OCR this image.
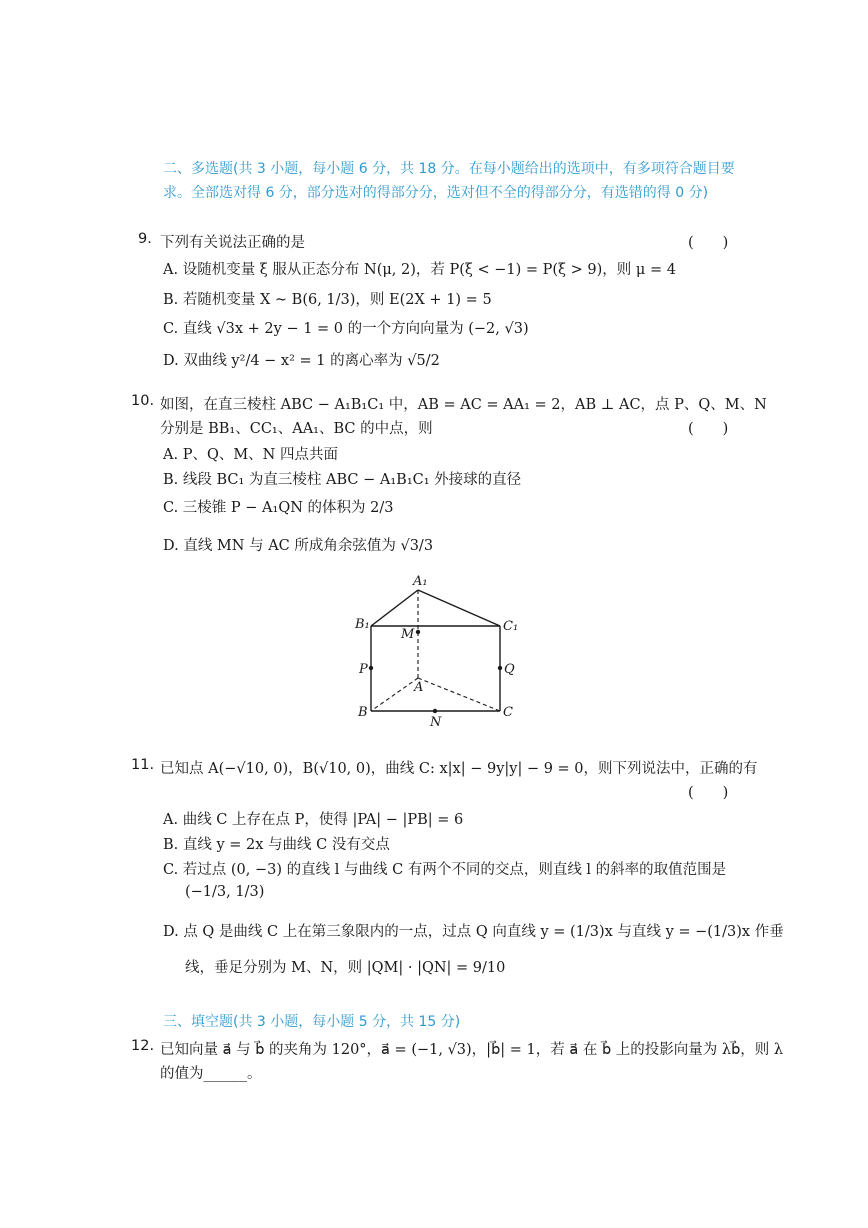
二、多选题(共 3 小题，每小题 6 分，共 18 分。在每小题给出的选项中，有多项符合题目要
求。全部选对得 6 分，部分选对的得部分分，选对但不全的得部分分，有选错的得 0 分)
9. 下列有关说法正确的是	(　　)
A. 设随机变量 ξ 服从正态分布 N(μ, 2)，若 P(ξ < −1) = P(ξ > 9)，则 μ = 4
B. 若随机变量 X ~ B(6, 1/3)，则 E(2X + 1) = 5
C. 直线 √3x + 2y − 1 = 0 的一个方向向量为 (−2, √3)
D. 双曲线 y²/4 − x² = 1 的离心率为 √5/2
10. 如图，在直三棱柱 ABC − A₁B₁C₁ 中，AB = AC = AA₁ = 2，AB ⊥ AC，点 P、Q、M、N
分别是 BB₁、CC₁、AA₁、BC 的中点，则	(　　)
A. P、Q、M、N 四点共面
B. 线段 BC₁ 为直三棱柱 ABC − A₁B₁C₁ 外接球的直径
C. 三棱锥 P − A₁QN 的体积为 2/3
D. 直线 MN 与 AC 所成角余弦值为 √3/3
A₁
B₁	C₁
M
P	Q
A
B	C
N
11. 已知点 A(−√10, 0)，B(√10, 0)，曲线 C: x|x| − 9y|y| − 9 = 0，则下列说法中，正确的有
(　　)
A. 曲线 C 上存在点 P，使得 |PA| − |PB| = 6
B. 直线 y = 2x 与曲线 C 没有交点
C. 若过点 (0, −3) 的直线 l 与曲线 C 有两个不同的交点，则直线 l 的斜率的取值范围是
(−1/3, 1/3)
D. 点 Q 是曲线 C 上在第三象限内的一点，过点 Q 向直线 y = (1/3)x 与直线 y = −(1/3)x 作垂
线，垂足分别为 M、N，则 |QM| · |QN| = 9/10
三、填空题(共 3 小题，每小题 5 分，共 15 分)
12. 已知向量 a⃗ 与 b⃗ 的夹角为 120°，a⃗ = (−1, √3)，|b⃗| = 1，若 a⃗ 在 b⃗ 上的投影向量为 λb⃗，则 λ
的值为______。
